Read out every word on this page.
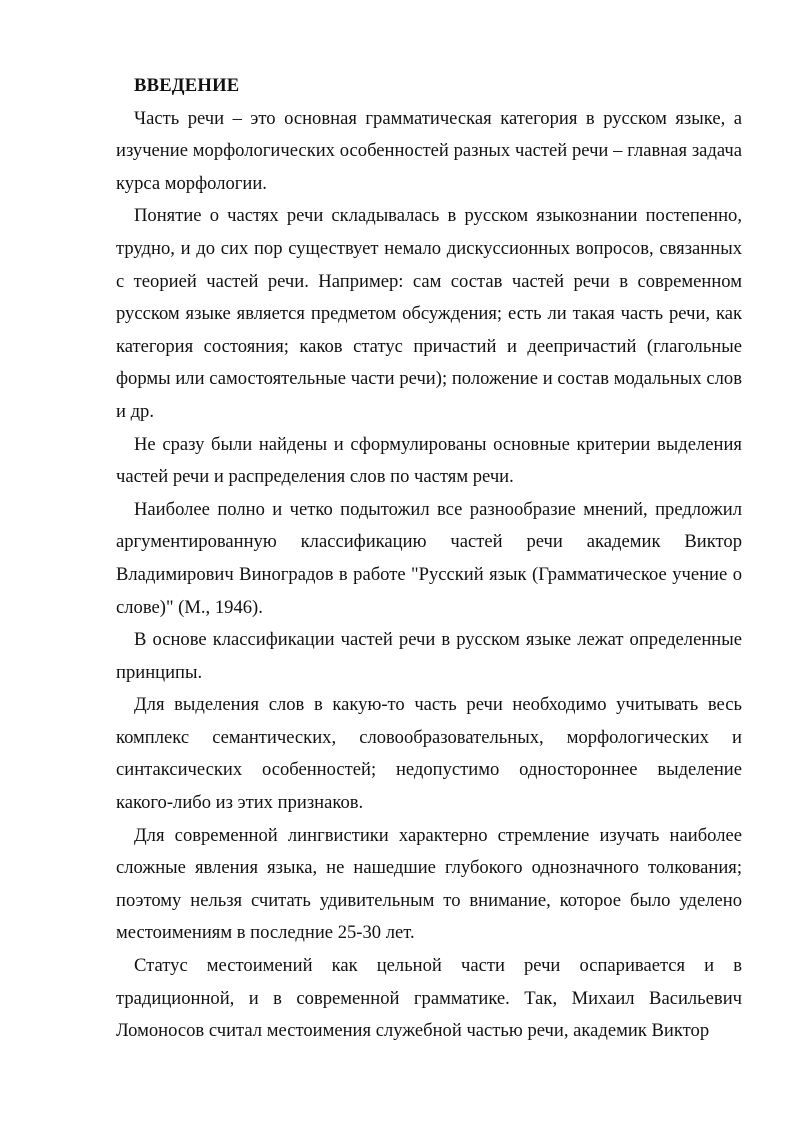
ВВЕДЕНИЕ

Часть речи – это основная грамматическая категория в русском языке, а изучение морфологических особенностей разных частей речи – главная задача курса морфологии.

Понятие о частях речи складывалась в русском языкознании постепенно, трудно, и до сих пор существует немало дискуссионных вопросов, связанных с теорией частей речи. Например: сам состав частей речи в современном русском языке является предметом обсуждения; есть ли такая часть речи, как категория состояния; каков статус причастий и деепричастий (глагольные формы или самостоятельные части речи); положение и состав модальных слов и др.

Не сразу были найдены и сформулированы основные критерии выделения частей речи и распределения слов по частям речи.

Наиболее полно и четко подытожил все разнообразие мнений, предложил аргументированную классификацию частей речи академик Виктор Владимирович Виноградов в работе "Русский язык (Грамматическое учение о слове)" (М., 1946).

В основе классификации частей речи в русском языке лежат определенные принципы.

Для выделения слов в какую-то часть речи необходимо учитывать весь комплекс семантических, словообразовательных, морфологических и синтаксических особенностей; недопустимо одностороннее выделение какого-либо из этих признаков.

Для современной лингвистики характерно стремление изучать наиболее сложные явления языка, не нашедшие глубокого однозначного толкования; поэтому нельзя считать удивительным то внимание, которое было уделено местоимениям в последние 25-30 лет.

Статус местоимений как цельной части речи оспаривается и в традиционной, и в современной грамматике. Так, Михаил Васильевич Ломоносов считал местоимения служебной частью речи, академик Виктор
